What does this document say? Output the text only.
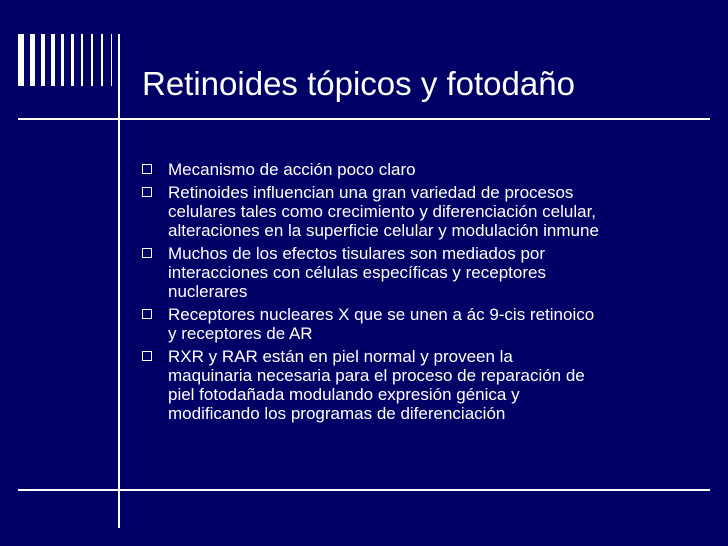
Retinoides tópicos y fotodaño
Mecanismo de acción poco claro
Retinoides influencian una gran variedad de procesos
celulares tales como crecimiento y diferenciación celular,
alteraciones en la superficie celular y modulación inmune
Muchos de los efectos tisulares son mediados por
interacciones con células específicas y receptores
nuclerares
Receptores nucleares X que se unen a ác 9-cis retinoico
y receptores de AR
RXR y RAR están en piel normal y proveen la
maquinaria necesaria para el proceso de reparación de
piel fotodañada modulando expresión génica y
modificando los programas de diferenciación
